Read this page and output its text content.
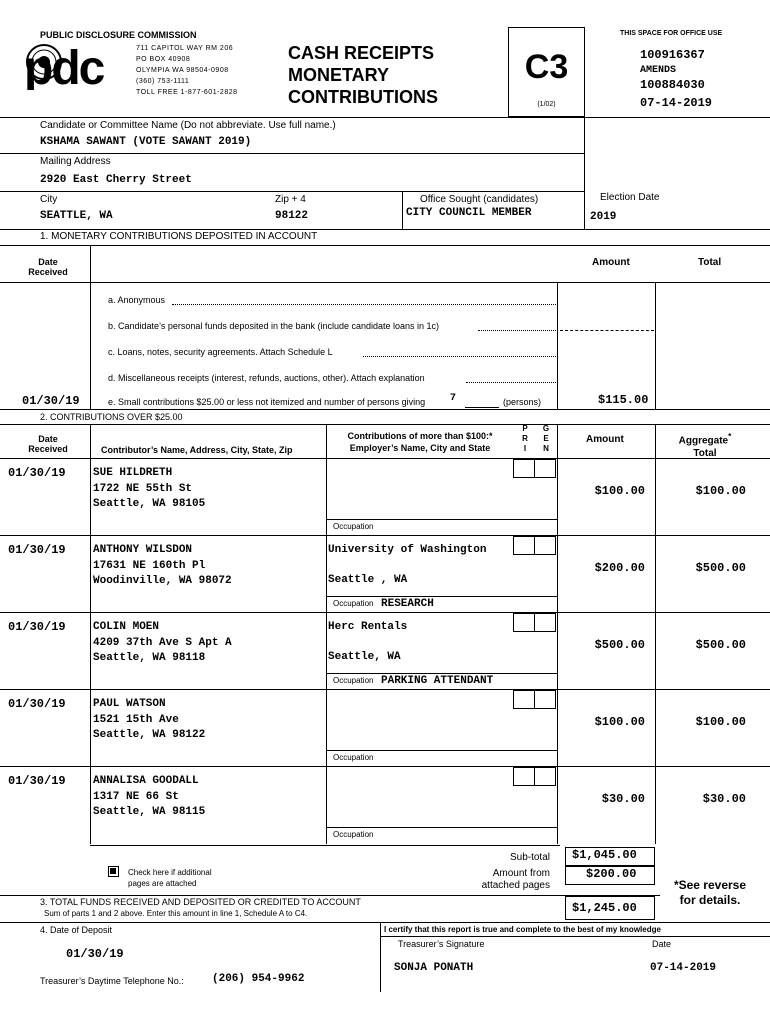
PUBLIC DISCLOSURE COMMISSION
pdc	711 CAPITOL WAY RM 206
PO BOX 40908
OLYMPIA WA 98504-0908
(360) 753-1111
TOLL FREE 1-877-601-2828
CASH RECEIPTS
MONETARY
CONTRIBUTIONS
C3
(1/02)
THIS SPACE FOR OFFICE USE
100916367
AMENDS
100884030
07-14-2019
Candidate or Committee Name (Do not abbreviate. Use full name.)
KSHAMA SAWANT (VOTE SAWANT 2019)
Mailing Address
2920 East Cherry Street
City
SEATTLE, WA
Zip + 4
98122
Office Sought (candidates)
CITY COUNCIL MEMBER
Election Date
2019
1. MONETARY CONTRIBUTIONS DEPOSITED IN ACCOUNT
Date Received
Amount	Total
a. Anonymous
b. Candidate’s personal funds deposited in the bank (include candidate loans in 1c)
c. Loans, notes, security agreements. Attach Schedule L
d. Miscellaneous receipts (interest, refunds, auctions, other). Attach explanation
01/30/19	e. Small contributions $25.00 or less not itemized and number of persons giving 7	(persons)	$115.00
2. CONTRIBUTIONS OVER $25.00
Date Received	Contributor’s Name, Address, City, State, Zip
Contributions of more than $100:*
Employer’s Name, City and State
P R I
G E N
Amount	Aggregate*
Total
01/30/19 SUE HILDRETH
1722 NE 55th St
Seattle, WA 98105
Occupation
$100.00	$100.00
01/30/19 ANTHONY WILSDON
17631 NE 160th Pl
Woodinville, WA 98072
University of Washington
Seattle , WA
Occupation RESEARCH
$200.00	$500.00
01/30/19 COLIN MOEN
4209 37th Ave S Apt A
Seattle, WA 98118
Herc Rentals
Seattle, WA
Occupation PARKING ATTENDANT
$500.00	$500.00
01/30/19 PAUL WATSON
1521 15th Ave
Seattle, WA 98122
Occupation
$100.00	$100.00
01/30/19 ANNALISA GOODALL
1317 NE 66 St
Seattle, WA 98115
Occupation
$30.00	$30.00
Check here if additional
pages are attached
Sub-total $1,045.00
Amount from
attached pages
$200.00
*See reverse
for details.
3. TOTAL FUNDS RECEIVED AND DEPOSITED OR CREDITED TO ACCOUNT
Sum of parts 1 and 2 above. Enter this amount in line 1, Schedule A to C4.	$1,245.00
4. Date of Deposit
01/30/19
I certify that this report is true and complete to the best of my knowledge
Treasurer’s Signature	Date
SONJA PONATH	07-14-2019
Treasurer’s Daytime Telephone No.:	(206) 954-9962
